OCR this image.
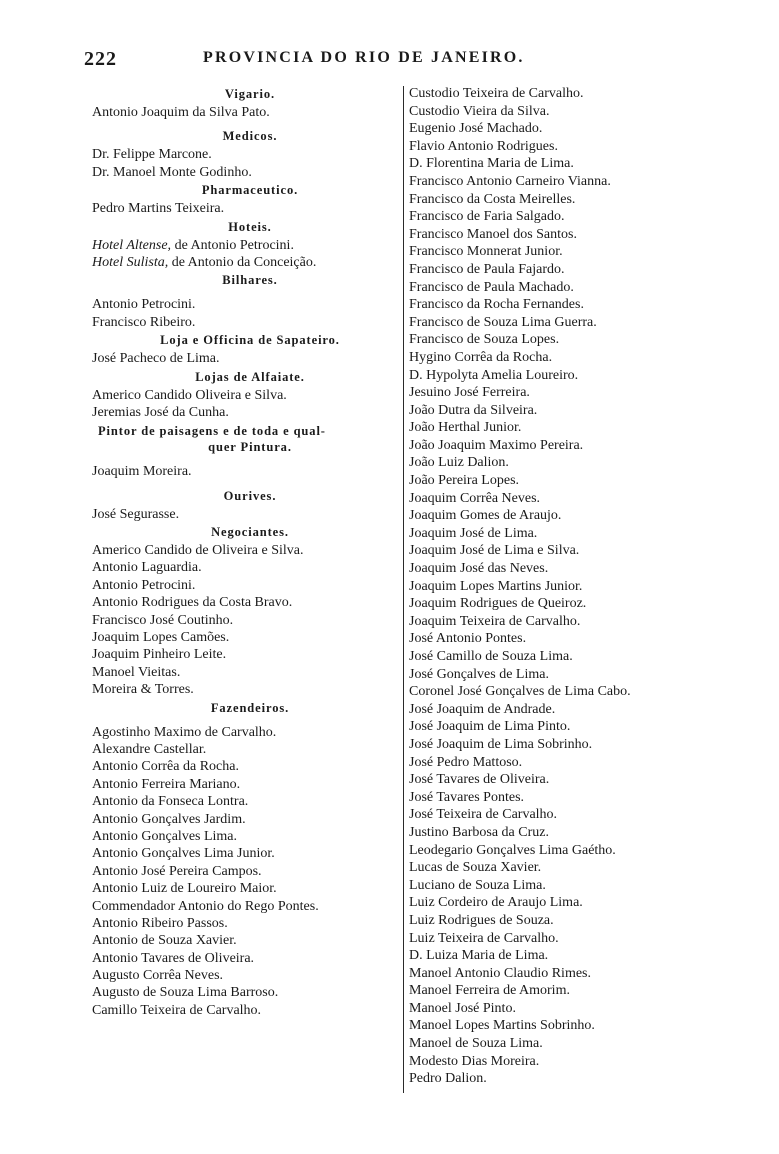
222	PROVINCIA DO RIO DE JANEIRO.
Vigario.
Antonio Joaquim da Silva Pato.
Medicos.
Dr. Felippe Marcone.
Dr. Manoel Monte Godinho.
Pharmaceutico.
Pedro Martins Teixeira.
Hoteis.
Hotel Altense, de Antonio Petrocini.
Hotel Sulista, de Antonio da Conceição.
Bilhares.
Antonio Petrocini.
Francisco Ribeiro.
Loja e Officina de Sapateiro.
José Pacheco de Lima.
Lojas de Alfaiate.
Americo Candido Oliveira e Silva.
Jeremias José da Cunha.
Pintor de paisagens e de toda e qual-
quer Pintura.
Joaquim Moreira.
Ourives.
José Segurasse.
Negociantes.
Americo Candido de Oliveira e Silva.
Antonio Laguardia.
Antonio Petrocini.
Antonio Rodrigues da Costa Bravo.
Francisco José Coutinho.
Joaquim Lopes Camões.
Joaquim Pinheiro Leite.
Manoel Vieitas.
Moreira & Torres.
Fazendeiros.
Agostinho Maximo de Carvalho.
Alexandre Castellar.
Antonio Corrêa da Rocha.
Antonio Ferreira Mariano.
Antonio da Fonseca Lontra.
Antonio Gonçalves Jardim.
Antonio Gonçalves Lima.
Antonio Gonçalves Lima Junior.
Antonio José Pereira Campos.
Antonio Luiz de Loureiro Maior.
Commendador Antonio do Rego Pontes.
Antonio Ribeiro Passos.
Antonio de Souza Xavier.
Antonio Tavares de Oliveira.
Augusto Corrêa Neves.
Augusto de Souza Lima Barroso.
Camillo Teixeira de Carvalho.
Custodio Teixeira de Carvalho.
Custodio Vieira da Silva.
Eugenio José Machado.
Flavio Antonio Rodrigues.
D. Florentina Maria de Lima.
Francisco Antonio Carneiro Vianna.
Francisco da Costa Meirelles.
Francisco de Faria Salgado.
Francisco Manoel dos Santos.
Francisco Monnerat Junior.
Francisco de Paula Fajardo.
Francisco de Paula Machado.
Francisco da Rocha Fernandes.
Francisco de Souza Lima Guerra.
Francisco de Souza Lopes.
Hygino Corrêa da Rocha.
D. Hypolyta Amelia Loureiro.
Jesuino José Ferreira.
João Dutra da Silveira.
João Herthal Junior.
João Joaquim Maximo Pereira.
João Luiz Dalion.
João Pereira Lopes.
Joaquim Corrêa Neves.
Joaquim Gomes de Araujo.
Joaquim José de Lima.
Joaquim José de Lima e Silva.
Joaquim José das Neves.
Joaquim Lopes Martins Junior.
Joaquim Rodrigues de Queiroz.
Joaquim Teixeira de Carvalho.
José Antonio Pontes.
José Camillo de Souza Lima.
José Gonçalves de Lima.
Coronel José Gonçalves de Lima Cabo.
José Joaquim de Andrade.
José Joaquim de Lima Pinto.
José Joaquim de Lima Sobrinho.
José Pedro Mattoso.
José Tavares de Oliveira.
José Tavares Pontes.
José Teixeira de Carvalho.
Justino Barbosa da Cruz.
Leodegario Gonçalves Lima Gaétho.
Lucas de Souza Xavier.
Luciano de Souza Lima.
Luiz Cordeiro de Araujo Lima.
Luiz Rodrigues de Souza.
Luiz Teixeira de Carvalho.
D. Luiza Maria de Lima.
Manoel Antonio Claudio Rimes.
Manoel Ferreira de Amorim.
Manoel José Pinto.
Manoel Lopes Martins Sobrinho.
Manoel de Souza Lima.
Modesto Dias Moreira.
Pedro Dalion.
